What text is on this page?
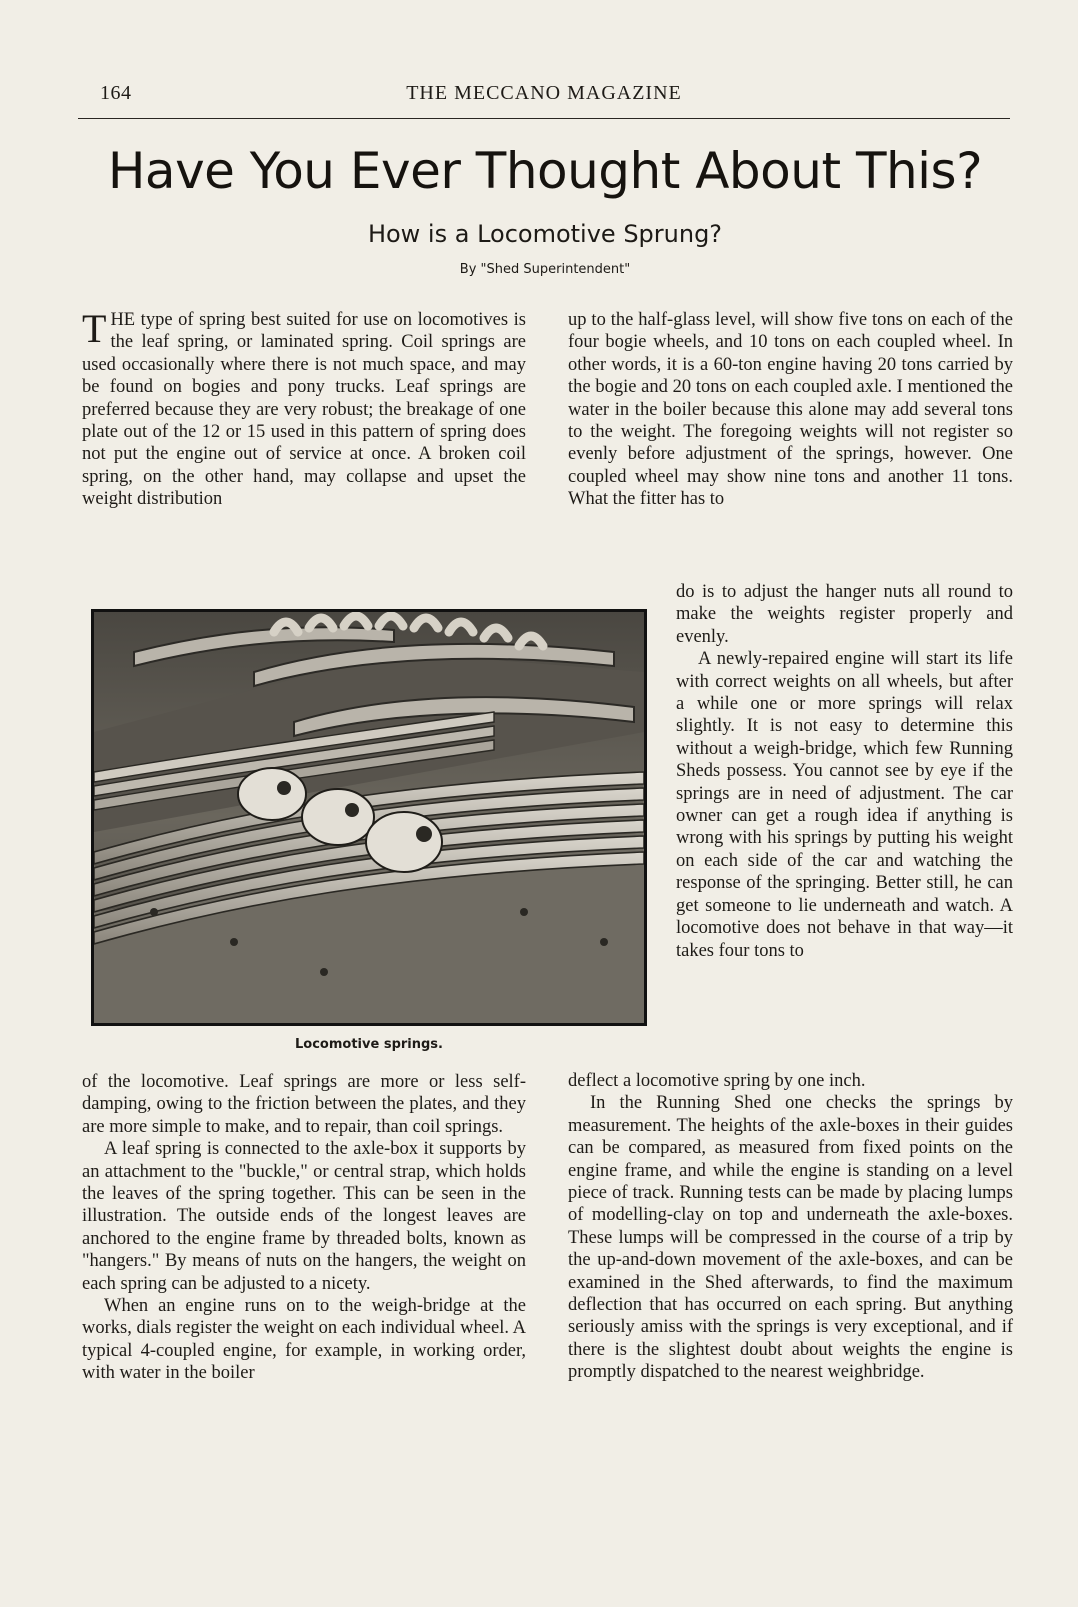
164	THE MECCANO MAGAZINE
Have You Ever Thought About This?
How is a Locomotive Sprung?
By "Shed Superintendent"

THE type of spring best suited for use on locomotives is the leaf spring, or laminated spring. Coil springs are used occasionally where there is not much space, and may be found on bogies and pony trucks. Leaf springs are preferred because they are very robust; the breakage of one plate out of the 12 or 15 used in this pattern of spring does not put the engine out of service at once. A broken coil spring, on the other hand, may collapse and upset the weight distribution

Locomotive springs.

of the locomotive. Leaf springs are more or less self-damping, owing to the friction between the plates, and they are more simple to make, and to repair, than coil springs.

A leaf spring is connected to the axle-box it supports by an attachment to the "buckle," or central strap, which holds the leaves of the spring together. This can be seen in the illustration. The outside ends of the longest leaves are anchored to the engine frame by threaded bolts, known as "hangers." By means of nuts on the hangers, the weight on each spring can be adjusted to a nicety.

When an engine runs on to the weigh-bridge at the works, dials register the weight on each individual wheel. A typical 4-coupled engine, for example, in working order, with water in the boiler

up to the half-glass level, will show five tons on each of the four bogie wheels, and 10 tons on each coupled wheel. In other words, it is a 60-ton engine having 20 tons carried by the bogie and 20 tons on each coupled axle. I mentioned the water in the boiler because this alone may add several tons to the weight. The foregoing weights will not register so evenly before adjustment of the springs, however. One coupled wheel may show nine tons and another 11 tons. What the fitter has to

do is to adjust the hanger nuts all round to make the weights register properly and evenly.

A newly-repaired engine will start its life with correct weights on all wheels, but after a while one or more springs will relax slightly. It is not easy to determine this without a weigh-bridge, which few Running Sheds possess. You cannot see by eye if the springs are in need of adjustment. The car owner can get a rough idea if anything is wrong with his springs by putting his weight on each side of the car and watching the response of the springing. Better still, he can get someone to lie underneath and watch. A locomotive does not behave in that way—it takes four tons to

deflect a locomotive spring by one inch.

In the Running Shed one checks the springs by measurement. The heights of the axle-boxes in their guides can be compared, as measured from fixed points on the engine frame, and while the engine is standing on a level piece of track. Running tests can be made by placing lumps of modelling-clay on top and underneath the axle-boxes. These lumps will be compressed in the course of a trip by the up-and-down movement of the axle-boxes, and can be examined in the Shed afterwards, to find the maximum deflection that has occurred on each spring. But anything seriously amiss with the springs is very exceptional, and if there is the slightest doubt about weights the engine is promptly dispatched to the nearest weighbridge.
